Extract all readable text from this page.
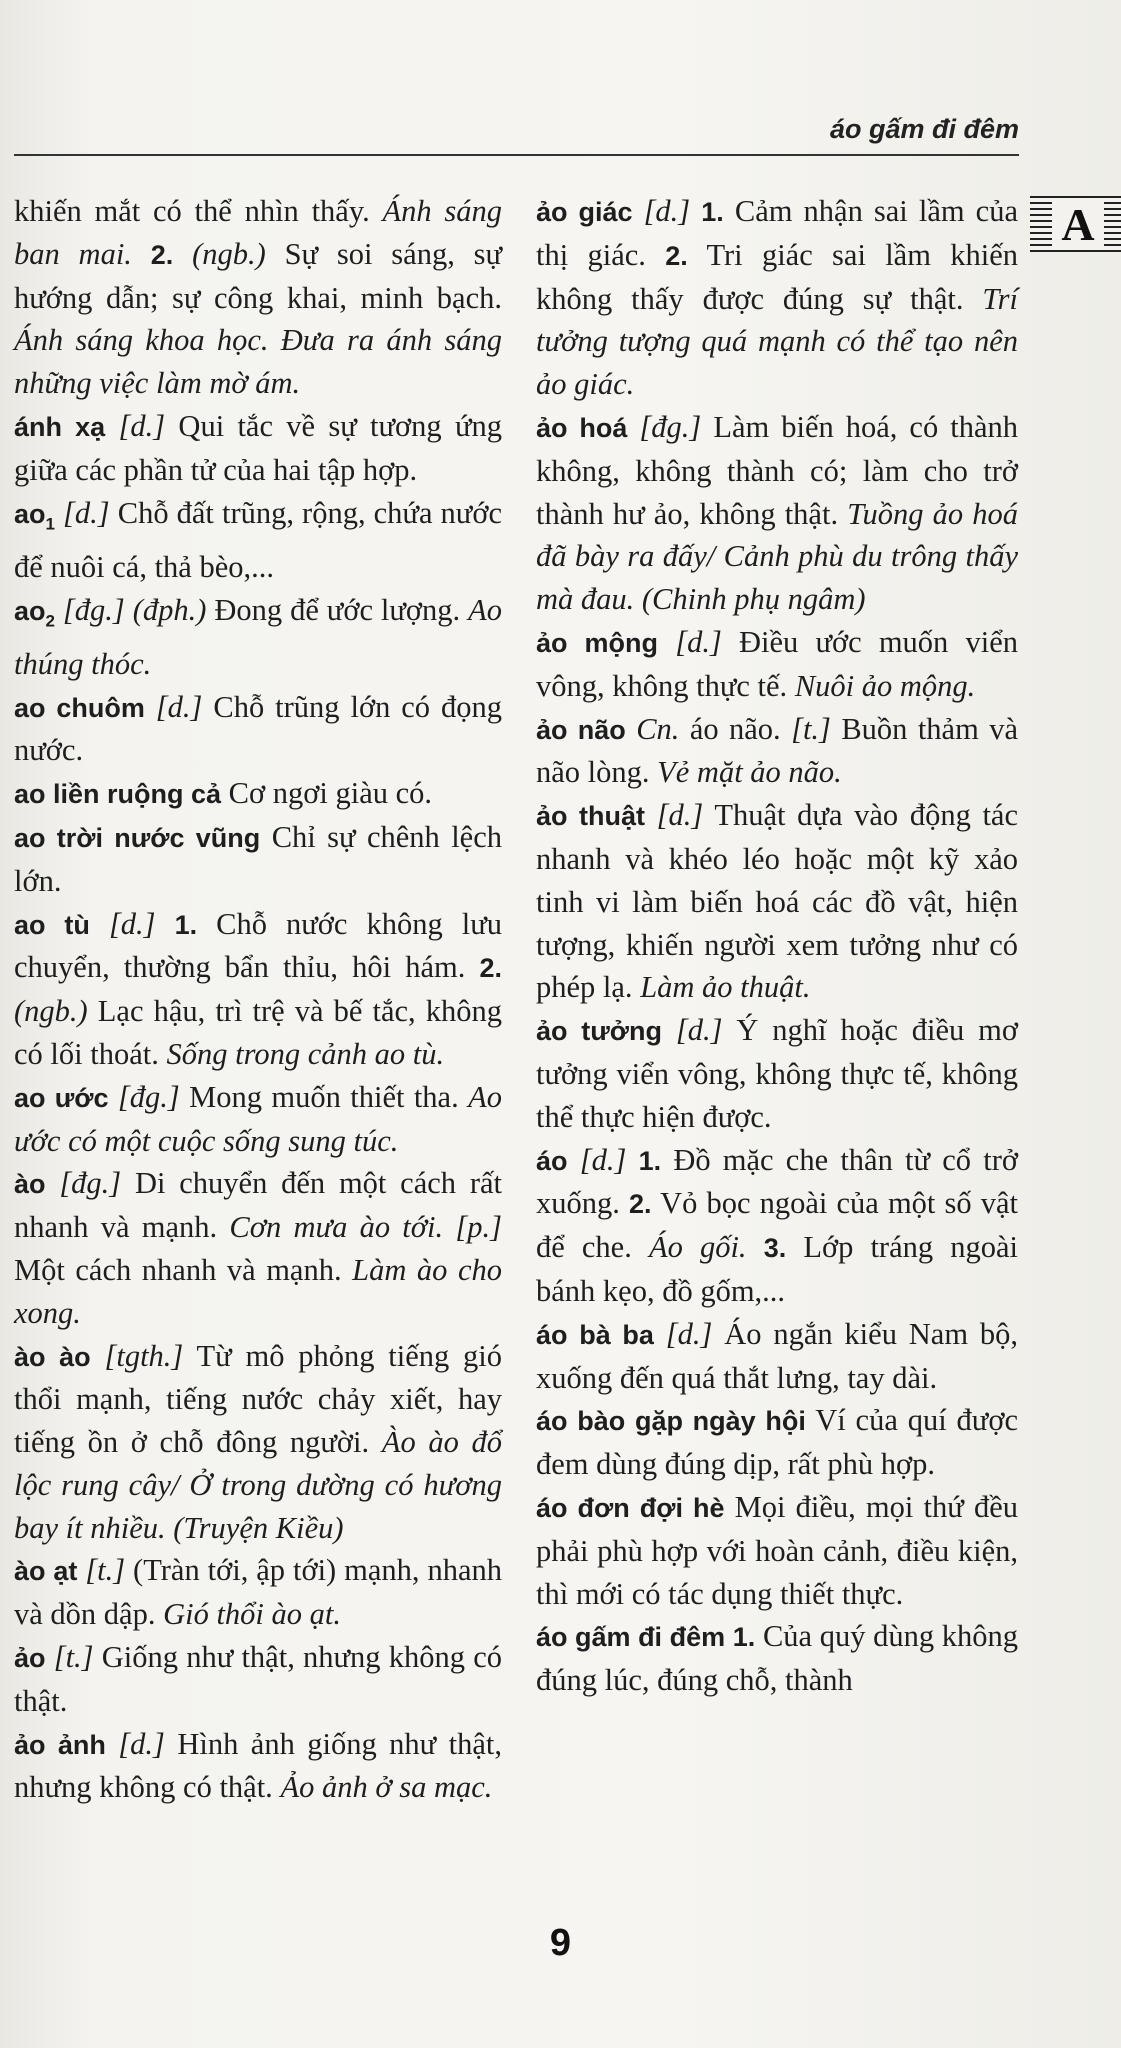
áo gấm đi đêm
A

khiến mắt có thể nhìn thấy. Ánh sáng ban mai. 2. (ngb.) Sự soi sáng, sự hướng dẫn; sự công khai, minh bạch. Ánh sáng khoa học. Đưa ra ánh sáng những việc làm mờ ám.

ánh xạ [d.] Qui tắc về sự tương ứng giữa các phần tử của hai tập hợp.

$ao_1$ [d.] Chỗ đất trũng, rộng, chứa nước để nuôi cá, thả bèo,...

$ao_2$ [đg.] (đph.) Đong để ước lượng. Ao thúng thóc.

ao chuôm [d.] Chỗ trũng lớn có đọng nước.

ao liền ruộng cả Cơ ngơi giàu có.

ao trời nước vũng Chỉ sự chênh lệch lớn.

ao tù [d.] 1. Chỗ nước không lưu chuyển, thường bẩn thỉu, hôi hám. 2. (ngb.) Lạc hậu, trì trệ và bế tắc, không có lối thoát. Sống trong cảnh ao tù.

ao ước [đg.] Mong muốn thiết tha. Ao ước có một cuộc sống sung túc.

ào [đg.] Di chuyển đến một cách rất nhanh và mạnh. Cơn mưa ào tới. [p.] Một cách nhanh và mạnh. Làm ào cho xong.

ào ào [tgth.] Từ mô phỏng tiếng gió thổi mạnh, tiếng nước chảy xiết, hay tiếng ồn ở chỗ đông người. Ào ào đổ lộc rung cây/ Ở trong dường có hương bay ít nhiều. (Truyện Kiều)

ào ạt [t.] (Tràn tới, ập tới) mạnh, nhanh và dồn dập. Gió thổi ào ạt.

ảo [t.] Giống như thật, nhưng không có thật.

ảo ảnh [d.] Hình ảnh giống như thật, nhưng không có thật. Ảo ảnh ở sa mạc.

ảo giác [d.] 1. Cảm nhận sai lầm của thị giác. 2. Tri giác sai lầm khiến không thấy được đúng sự thật. Trí tưởng tượng quá mạnh có thể tạo nên ảo giác.

ảo hoá [đg.] Làm biến hoá, có thành không, không thành có; làm cho trở thành hư ảo, không thật. Tuồng ảo hoá đã bày ra đấy/ Cảnh phù du trông thấy mà đau. (Chinh phụ ngâm)

ảo mộng [d.] Điều ước muốn viển vông, không thực tế. Nuôi ảo mộng.

ảo não Cn. áo não. [t.] Buồn thảm và não lòng. Vẻ mặt ảo não.

ảo thuật [d.] Thuật dựa vào động tác nhanh và khéo léo hoặc một kỹ xảo tinh vi làm biến hoá các đồ vật, hiện tượng, khiến người xem tưởng như có phép lạ. Làm ảo thuật.

ảo tưởng [d.] Ý nghĩ hoặc điều mơ tưởng viển vông, không thực tế, không thể thực hiện được.

áo [d.] 1. Đồ mặc che thân từ cổ trở xuống. 2. Vỏ bọc ngoài của một số vật để che. Áo gối. 3. Lớp tráng ngoài bánh kẹo, đồ gốm,...

áo bà ba [d.] Áo ngắn kiểu Nam bộ, xuống đến quá thắt lưng, tay dài.

áo bào gặp ngày hội Ví của quí được đem dùng đúng dịp, rất phù hợp.

áo đơn đợi hè Mọi điều, mọi thứ đều phải phù hợp với hoàn cảnh, điều kiện, thì mới có tác dụng thiết thực.

áo gấm đi đêm 1. Của quý dùng không đúng lúc, đúng chỗ, thành

9
